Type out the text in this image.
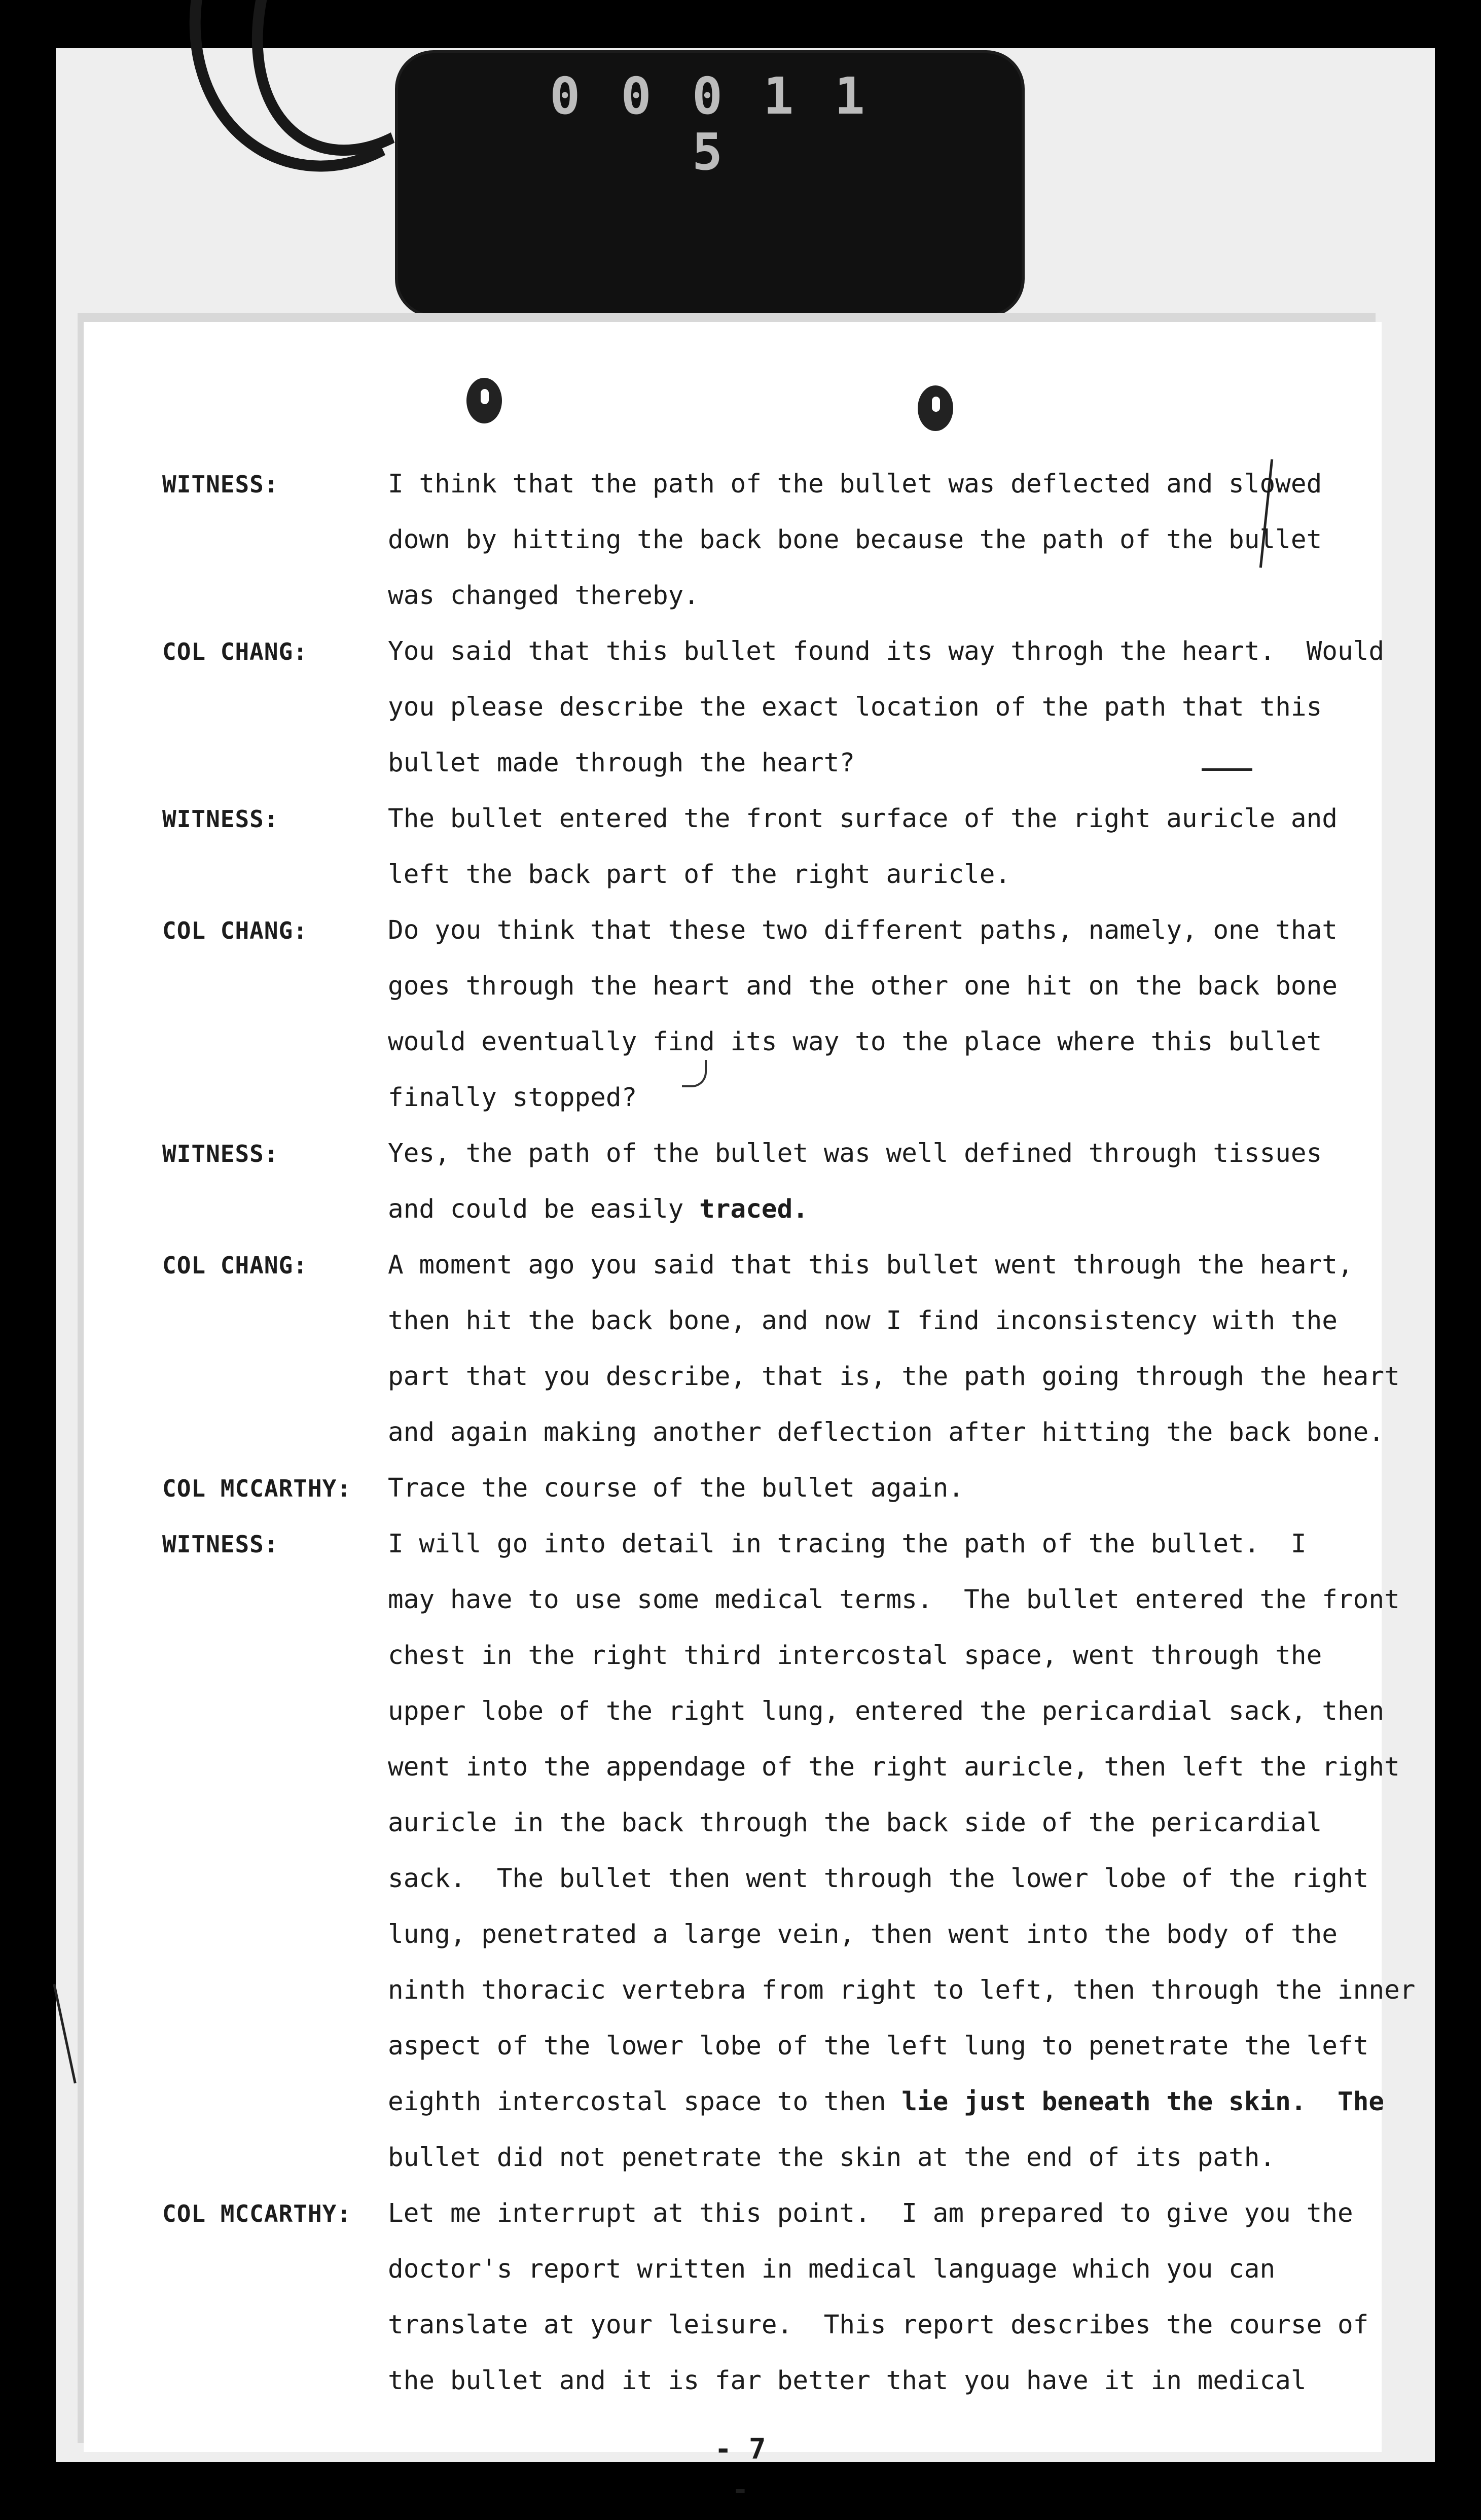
0 0 0 1 1 5
WITNESS:	I think that the path of the bullet was deflected and slowed
down by hitting the back bone because the path of the bullet
was changed thereby.
COL CHANG:	You said that this bullet found its way throgh the heart.  Would
you please describe the exact location of the path that this
bullet made through the heart?
WITNESS:	The bullet entered the front surface of the right auricle and
left the back part of the right auricle.
COL CHANG:	Do you think that these two different paths, namely, one that
goes through the heart and the other one hit on the back bone
would eventually find its way to the place where this bullet
finally stopped?
WITNESS:	Yes, the path of the bullet was well defined through tissues
and could be easily traced.
COL CHANG:	A moment ago you said that this bullet went through the heart,
then hit the back bone, and now I find inconsistency with the
part that you describe, that is, the path going through the heart
and again making another deflection after hitting the back bone.
COL MCCARTHY:	Trace the course of the bullet again.
WITNESS:	I will go into detail in tracing the path of the bullet.  I
may have to use some medical terms.  The bullet entered the front
chest in the right third intercostal space, went through the
upper lobe of the right lung, entered the pericardial sack, then
went into the appendage of the right auricle, then left the right
auricle in the back through the back side of the pericardial
sack.  The bullet then went through the lower lobe of the right
lung, penetrated a large vein, then went into the body of the
ninth thoracic vertebra from right to left, then through the inner
aspect of the lower lobe of the left lung to penetrate the left
eighth intercostal space to then lie just beneath the skin.  The
bullet did not penetrate the skin at the end of its path.
COL MCCARTHY:	Let me interrupt at this point.  I am prepared to give you the
doctor's report written in medical language which you can
translate at your leisure.  This report describes the course of
the bullet and it is far better that you have it in medical
- 7 -
